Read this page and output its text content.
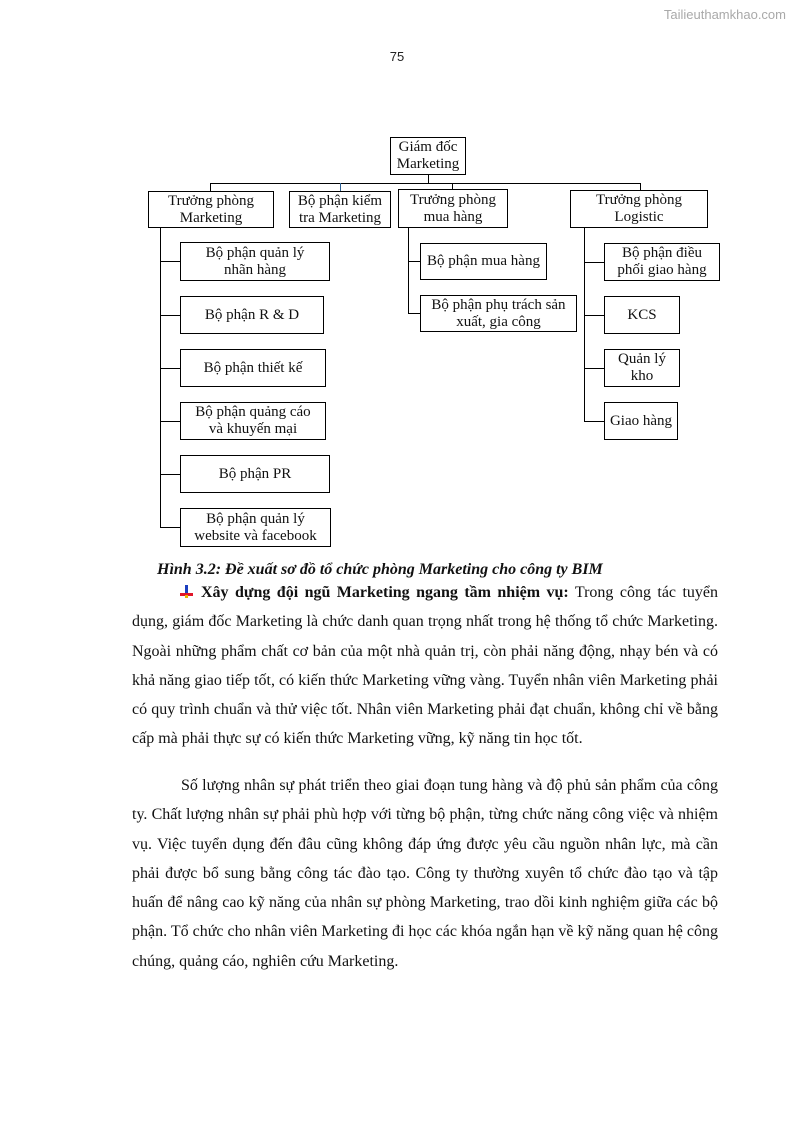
Tailieuthamkhao.com
75
Giám đốc
Marketing
Trưởng phòng
Marketing
Bộ phận kiểm
tra Marketing
Trưởng phòng
mua hàng
Trưởng phòng
Logistic
Bộ phận quản lý
nhãn hàng
Bộ phận R & D
Bộ phận thiết kế
Bộ phận quảng cáo
và khuyến mại
Bộ phận PR
Bộ phận quản lý
website và facebook
Bộ phận mua hàng
Bộ phận phụ trách sản
xuất, gia công
Bộ phận điều
phối giao hàng
KCS
Quản lý
kho
Giao hàng
Hình 3.2: Đề xuất sơ đồ tổ chức phòng Marketing cho công ty BIM

Xây dựng đội ngũ Marketing ngang tầm nhiệm vụ: Trong công tác tuyển dụng, giám đốc Marketing là chức danh quan trọng nhất trong hệ thống tổ chức Marketing. Ngoài những phẩm chất cơ bản của một nhà quản trị, còn phải năng động, nhạy bén và có khả năng giao tiếp tốt, có kiến thức Marketing vững vàng. Tuyển nhân viên Marketing phải có quy trình chuẩn và thử việc tốt. Nhân viên Marketing phải đạt chuẩn, không chỉ về bằng cấp mà phải thực sự có kiến thức Marketing vững, kỹ năng tin học tốt.

Số lượng nhân sự phát triển theo giai đoạn tung hàng và độ phủ sản phẩm của công ty. Chất lượng nhân sự phải phù hợp với từng bộ phận, từng chức năng công việc và nhiệm vụ. Việc tuyển dụng đến đâu cũng không đáp ứng được yêu cầu nguồn nhân lực, mà cần phải được bổ sung bằng công tác đào tạo. Công ty thường xuyên tổ chức đào tạo và tập huấn để nâng cao kỹ năng của nhân sự phòng Marketing, trao dồi kinh nghiệm giữa các bộ phận. Tổ chức cho nhân viên Marketing đi học các khóa ngắn hạn về kỹ năng quan hệ công chúng, quảng cáo, nghiên cứu Marketing.
